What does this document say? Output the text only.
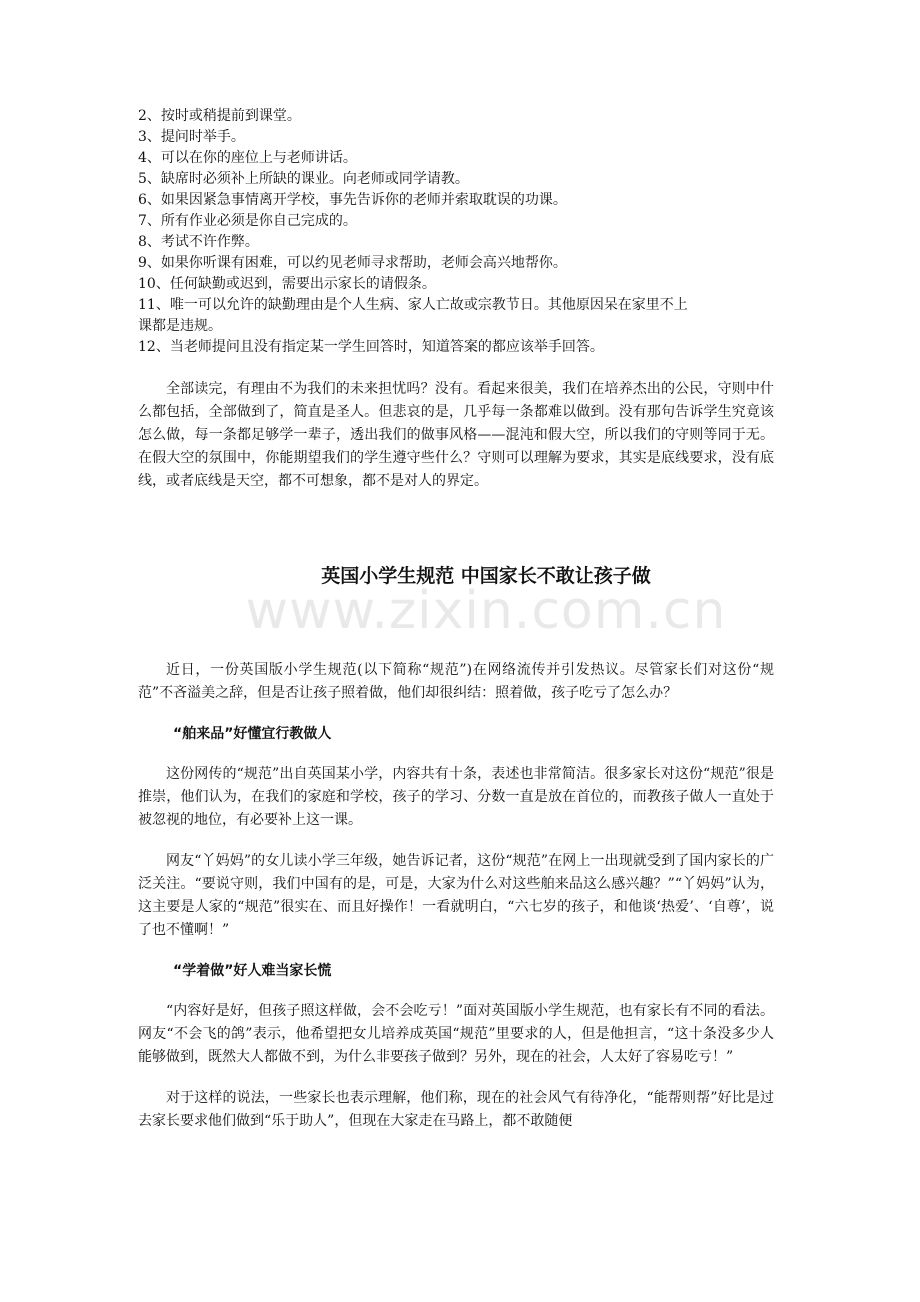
2、按时或稍提前到课堂。
3、提问时举手。
4、可以在你的座位上与老师讲话。
5、缺席时必须补上所缺的课业。向老师或同学请教。
6、如果因紧急事情离开学校，事先告诉你的老师并索取耽误的功课。
7、所有作业必须是你自己完成的。
8、考试不许作弊。
9、如果你听课有困难，可以约见老师寻求帮助，老师会高兴地帮你。
10、任何缺勤或迟到，需要出示家长的请假条。
11、唯一可以允许的缺勤理由是个人生病、家人亡故或宗教节日。其他原因呆在家里不上
课都是违规。
12、当老师提问且没有指定某一学生回答时，知道答案的都应该举手回答。

全部读完，有理由不为我们的未来担忧吗？没有。看起来很美，我们在培养杰出的公民，守则中什么都包括，全部做到了，简直是圣人。但悲哀的是，几乎每一条都难以做到。没有那句告诉学生究竟该怎么做，每一条都足够学一辈子，透出我们的做事风格——混沌和假大空，所以我们的守则等同于无。在假大空的氛围中，你能期望我们的学生遵守些什么？守则可以理解为要求，其实是底线要求，没有底线，或者底线是天空，都不可想象，都不是对人的界定。

英国小学生规范 中国家长不敢让孩子做
www.zixin.com.cn

近日，一份英国版小学生规范(以下简称“规范”)在网络流传并引发热议。尽管家长们对这份“规范”不吝溢美之辞，但是否让孩子照着做，他们却很纠结：照着做，孩子吃亏了怎么办？

“舶来品”好懂宜行教做人

这份网传的“规范”出自英国某小学，内容共有十条，表述也非常简洁。很多家长对这份“规范”很是推崇，他们认为，在我们的家庭和学校，孩子的学习、分数一直是放在首位的，而教孩子做人一直处于被忽视的地位，有必要补上这一课。

网友“丫妈妈”的女儿读小学三年级，她告诉记者，这份“规范”在网上一出现就受到了国内家长的广泛关注。“要说守则，我们中国有的是，可是，大家为什么对这些舶来品这么感兴趣？”“丫妈妈”认为，这主要是人家的“规范”很实在、而且好操作！一看就明白，“六七岁的孩子，和他谈‘热爱’、‘自尊’，说了也不懂啊！”

“学着做”好人难当家长慌

“内容好是好，但孩子照这样做，会不会吃亏！”面对英国版小学生规范，也有家长有不同的看法。网友“不会飞的鸽”表示，他希望把女儿培养成英国“规范”里要求的人，但是他担言，“这十条没多少人能够做到，既然大人都做不到，为什么非要孩子做到？另外，现在的社会，人太好了容易吃亏！”

对于这样的说法，一些家长也表示理解，他们称，现在的社会风气有待净化，“能帮则帮”好比是过去家长要求他们做到“乐于助人”，但现在大家走在马路上，都不敢随便
